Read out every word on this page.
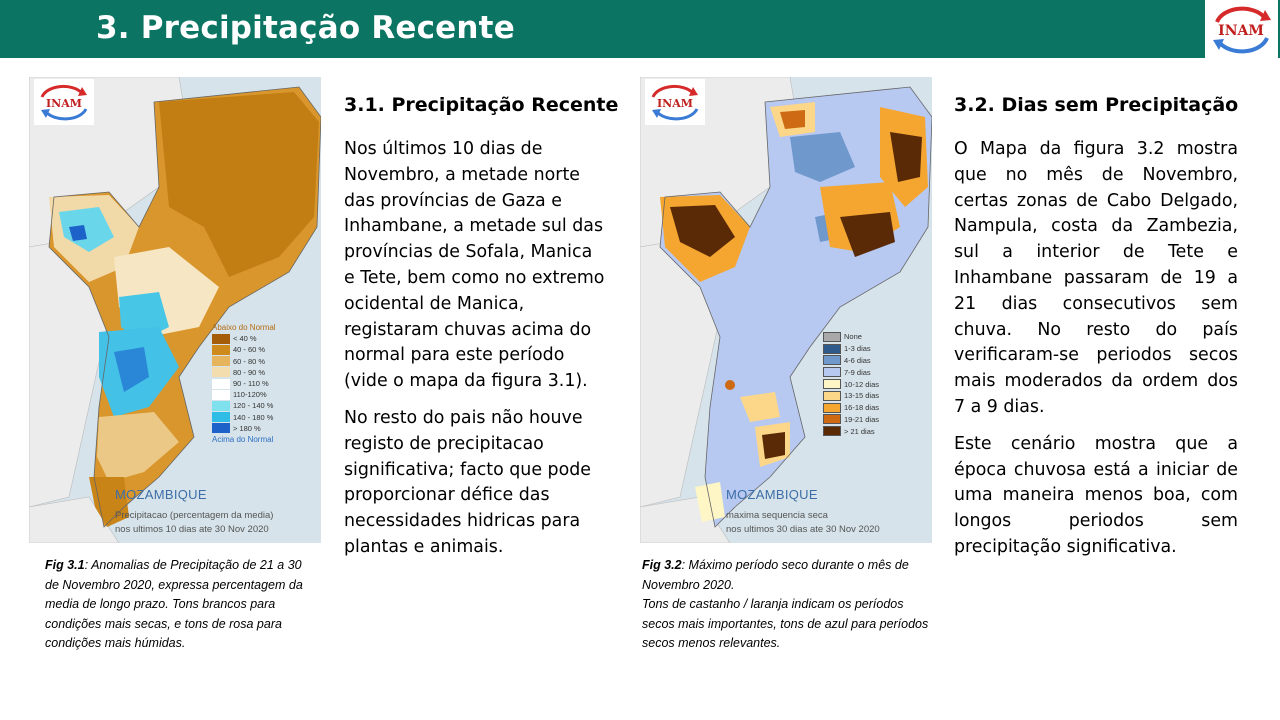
3. Precipitação Recente	INAM
INAM
Abaixo do Normal
< 40 %
40 - 60 %
60 - 80 %
80 - 90 %
90 - 110 %
110-120%
120 - 140 %
140 - 180 %
> 180 %
Acima do Normal
MOZAMBIQUE
Precipitacao (percentagem da media)
nos ultimos 10 dias ate 30 Nov 2020
Fig 3.1: Anomalias de Precipitação de 21 a 30 de Novembro 2020, expressa percentagem da media de longo prazo. Tons brancos para condições mais secas, e tons de rosa para condições mais húmidas.
3.1. Precipitação Recente

Nos últimos 10 dias de Novembro, a metade norte das províncias de Gaza e Inhambane, a metade sul das províncias de Sofala, Manica e Tete, bem como no extremo ocidental de Manica, registaram chuvas acima do normal para este período (vide o mapa da figura 3.1).

No resto do pais não houve registo de precipitacao significativa; facto que pode proporcionar défice das necessidades hidricas para plantas e animais.

INAM
None
1-3 dias
4-6 dias
7-9 dias
10-12 dias
13-15 dias
16-18 dias
19-21 dias
> 21 dias
MOZAMBIQUE
maxima sequencia seca
nos ultimos 30 dias ate 30 Nov 2020
Fig 3.2: Máximo período seco durante o mês de Novembro 2020.
Tons de castanho / laranja indicam os períodos secos mais importantes, tons de azul para períodos secos menos relevantes.
3.2. Dias sem Precipitação

O Mapa da figura 3.2 mostra que no mês de Novembro, certas zonas de Cabo Delgado, Nampula, costa da Zambezia, sul a interior de Tete e Inhambane passaram de 19 a 21 dias consecutivos sem chuva. No resto do país verificaram-se periodos secos mais moderados da ordem dos 7 a 9 dias.

Este cenário mostra que a época chuvosa está a iniciar de uma maneira menos boa, com longos periodos sem precipitação significativa.
